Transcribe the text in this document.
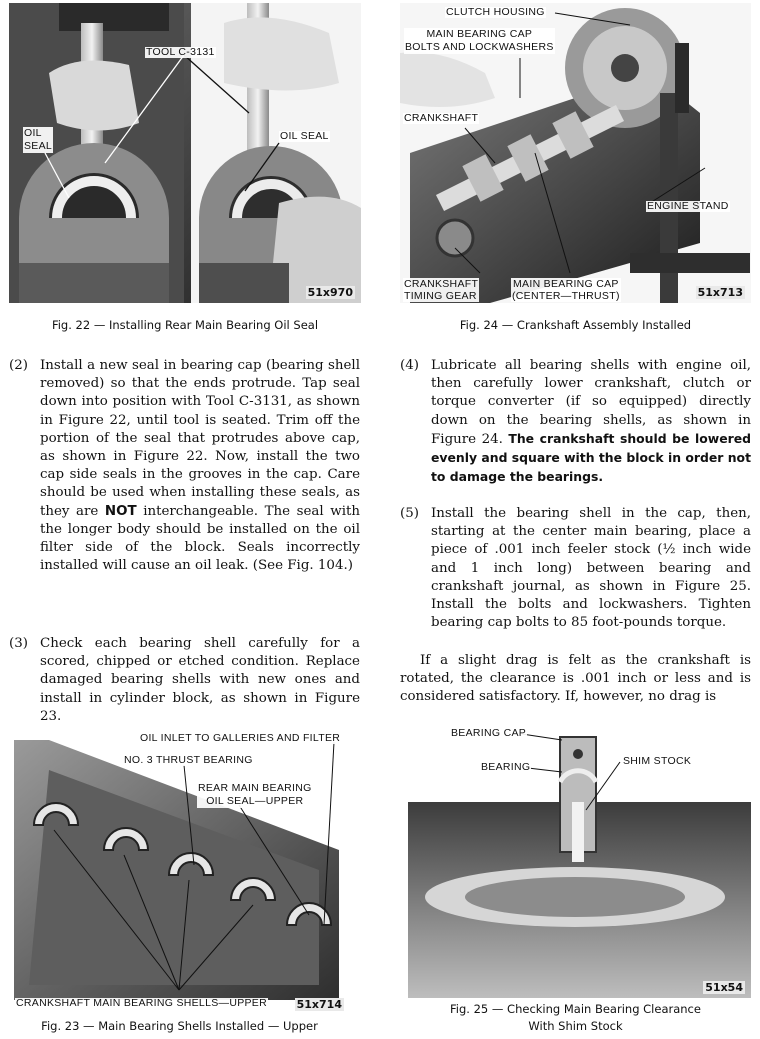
TOOL C-3131
OIL
SEAL
OIL SEAL
51x970
Fig. 22 — Installing Rear Main Bearing Oil Seal
CLUTCH HOUSING
MAIN BEARING CAP
BOLTS AND LOCKWASHERS
CRANKSHAFT
ENGINE STAND
CRANKSHAFT
TIMING GEAR
MAIN BEARING CAP
(CENTER—THRUST)	51x713
Fig. 24 — Crankshaft Assembly Installed
(2) Install a new seal in bearing cap (bearing shell removed) so that the ends protrude. Tap seal down into position with Tool C-3131, as shown in Figure 22, until tool is seated. Trim off the portion of the seal that protrudes above cap, as shown in Figure 22. Now, install the two cap side seals in the grooves in the cap. Care should be used when installing these seals, as they are NOT interchangeable. The seal with the longer body should be installed on the oil filter side of the block. Seals incorrectly installed will cause an oil leak. (See Fig. 104.)
(3) Check each bearing shell carefully for a scored, chipped or etched condition. Replace damaged bearing shells with new ones and install in cylinder block, as shown in Figure 23.
(4) Lubricate all bearing shells with engine oil, then carefully lower crankshaft, clutch or torque converter (if so equipped) directly down on the bearing shells, as shown in Figure 24. The crankshaft should be lowered evenly and square with the block in order not to damage the bearings.
(5) Install the bearing shell in the cap, then, starting at the center main bearing, place a piece of .001 inch feeler stock (½ inch wide and 1 inch long) between bearing and crankshaft journal, as shown in Figure 25. Install the bolts and lockwashers. Tighten bearing cap bolts to 85 foot-pounds torque.
If a slight drag is felt as the crankshaft is rotated, the clearance is .001 inch or less and is considered satisfactory. If, however, no drag is
OIL INLET TO GALLERIES AND FILTER
NO. 3 THRUST BEARING
REAR MAIN BEARING
OIL SEAL—UPPER
CRANKSHAFT MAIN BEARING SHELLS—UPPER	51x714
Fig. 23 — Main Bearing Shells Installed — Upper
BEARING CAP
BEARING	SHIM STOCK
51x54
Fig. 25 — Checking Main Bearing Clearance
With Shim Stock
